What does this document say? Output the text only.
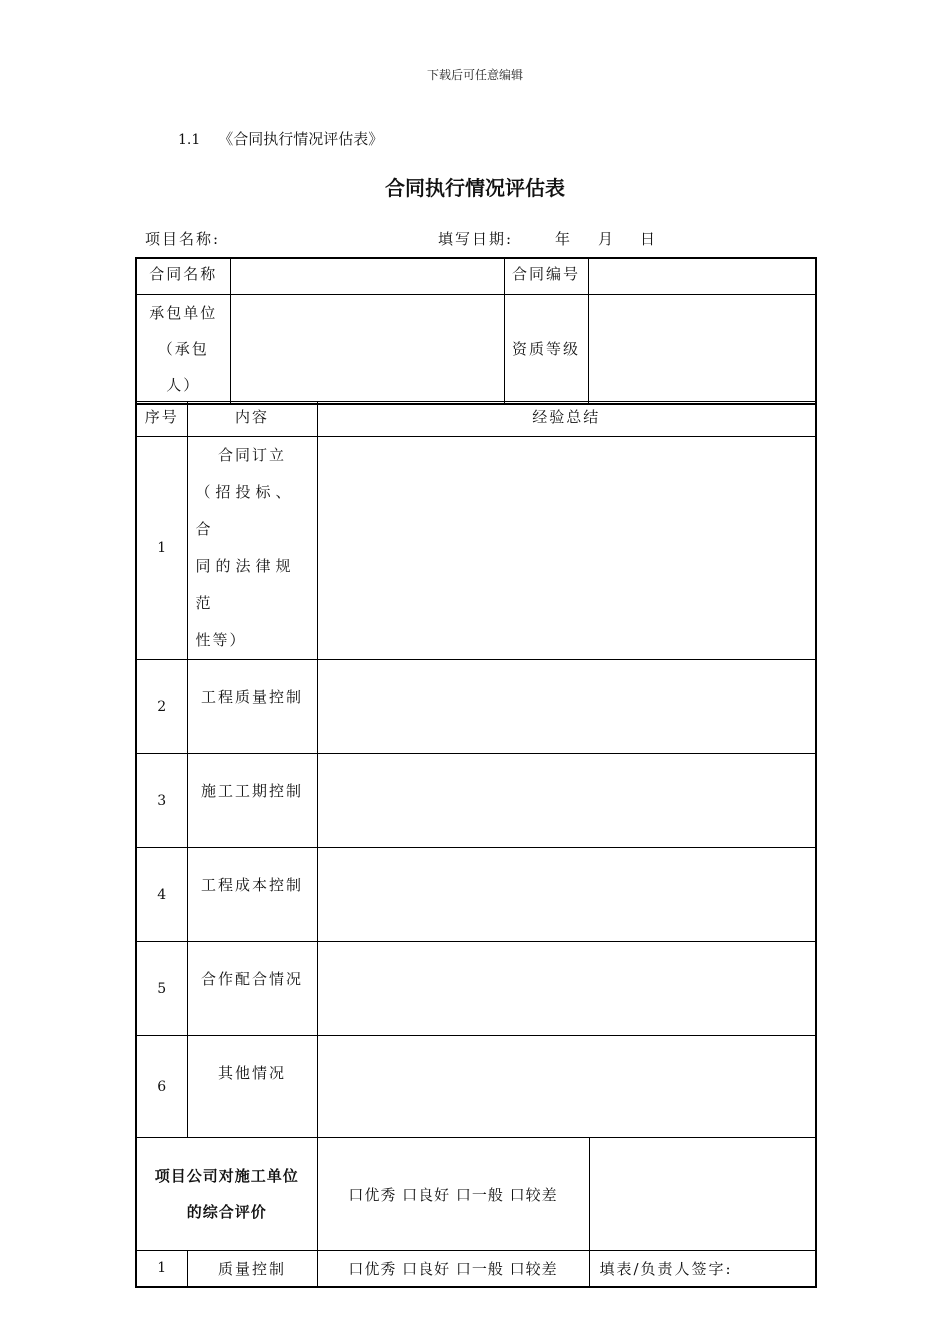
下载后可任意编辑
1.1 《合同执行情况评估表》
合同执行情况评估表
项目名称:	填写日期:	年 月 日
合同名称		合同编号	

承包单位
（承包
人）		资质等级	
序号	内容	经验总结	
1	合同订立
（招投标、合
同的法律规范
性等）		

2	工程质量控制		
3	施工工期控制		
4	工程成本控制		
5	合作配合情况		
6	其他情况		

项目公司对施工单位
的综合评价		口优秀 口良好 口一般 口较差	
1	质量控制	口优秀 口良好 口一般 口较差	填表/负责人签字:
